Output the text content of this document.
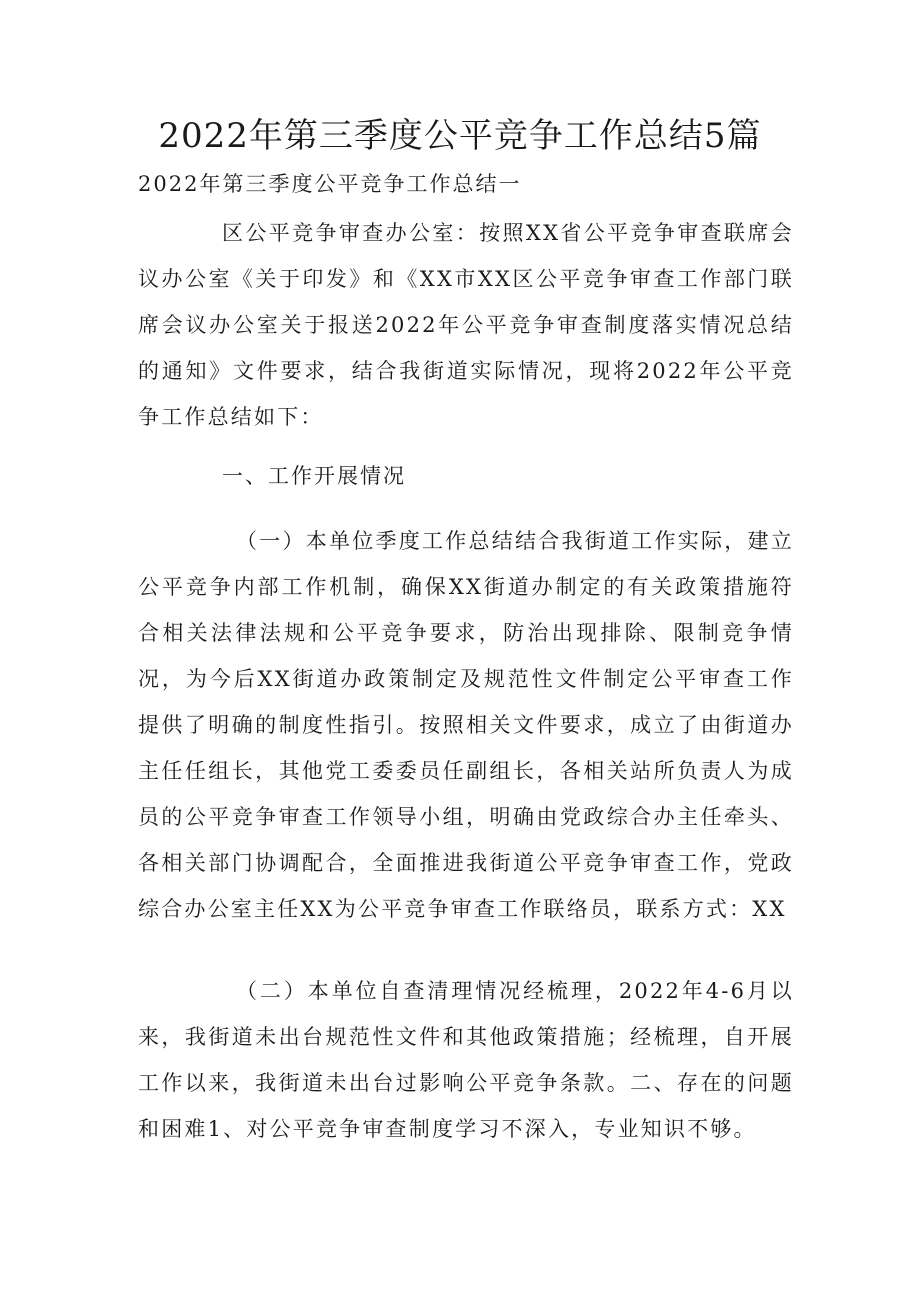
2022年第三季度公平竞争工作总结5篇

2022年第三季度公平竞争工作总结一

区公平竞争审查办公室：按照XX省公平竞争审查联席会议办公室《关于印发》和《XX市XX区公平竞争审查工作部门联席会议办公室关于报送2022年公平竞争审查制度落实情况总结的通知》文件要求，结合我街道实际情况，现将2022年公平竞争工作总结如下：

一、工作开展情况

（一）本单位季度工作总结结合我街道工作实际，建立公平竞争内部工作机制，确保XX街道办制定的有关政策措施符合相关法律法规和公平竞争要求，防治出现排除、限制竞争情况，为今后XX街道办政策制定及规范性文件制定公平审查工作提供了明确的制度性指引。按照相关文件要求，成立了由街道办主任任组长，其他党工委委员任副组长，各相关站所负责人为成员的公平竞争审查工作领导小组，明确由党政综合办主任牵头、各相关部门协调配合，全面推进我街道公平竞争审查工作，党政综合办公室主任XX为公平竞争审查工作联络员，联系方式：XX

（二）本单位自查清理情况经梳理，2022年4-6月以来，我街道未出台规范性文件和其他政策措施；经梳理，自开展工作以来，我街道未出台过影响公平竞争条款。二、存在的问题和困难1、对公平竞争审查制度学习不深入，专业知识不够。
